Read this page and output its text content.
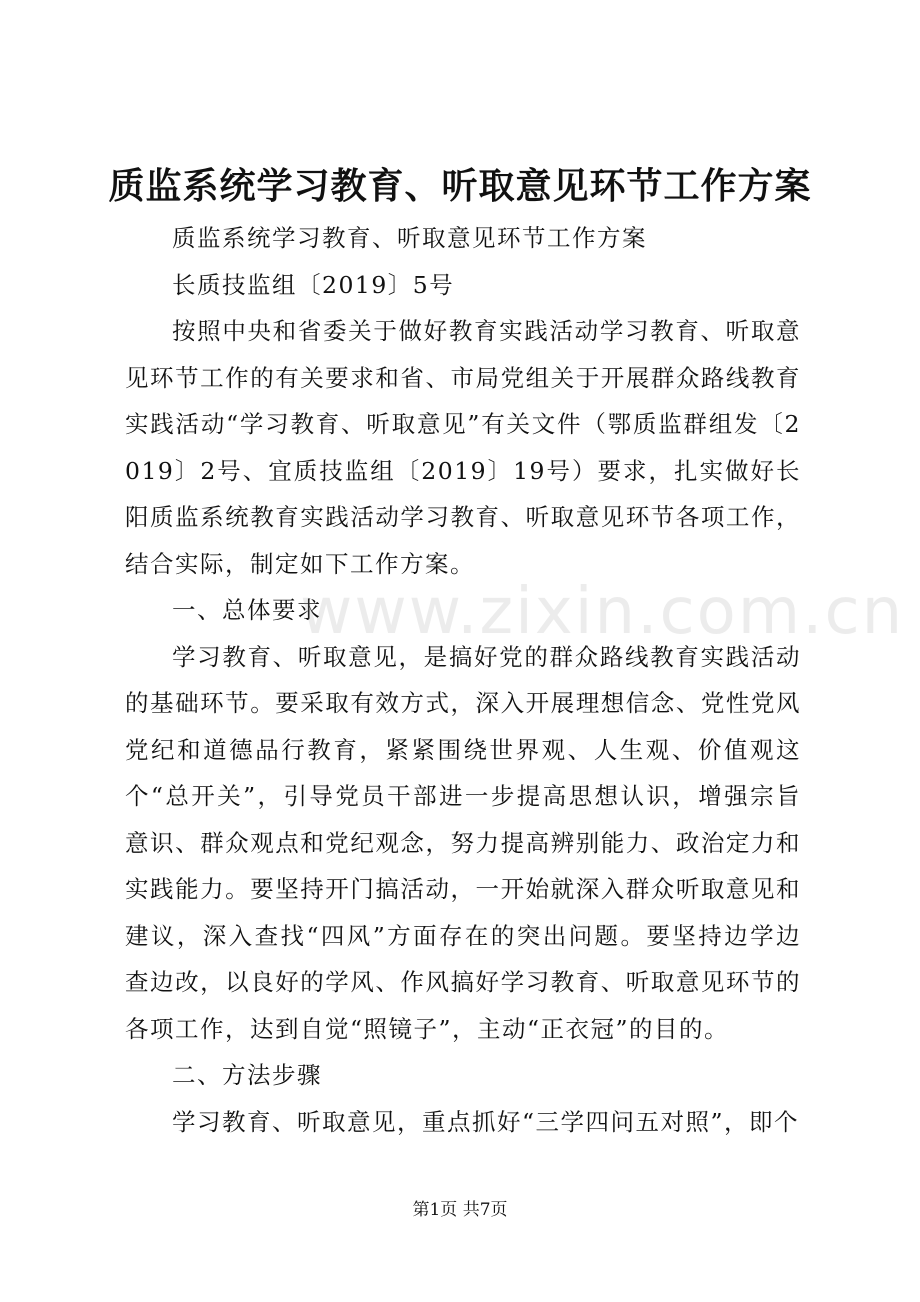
质监系统学习教育、听取意见环节工作方案

质监系统学习教育、听取意见环节工作方案

长质技监组〔2019〕5号

按照中央和省委关于做好教育实践活动学习教育、听取意见环节工作的有关要求和省、市局党组关于开展群众路线教育实践活动“学习教育、听取意见”有关文件（鄂质监群组发〔2019〕2号、宜质技监组〔2019〕19号）要求，扎实做好长阳质监系统教育实践活动学习教育、听取意见环节各项工作，结合实际，制定如下工作方案。

一、总体要求

学习教育、听取意见，是搞好党的群众路线教育实践活动的基础环节。要采取有效方式，深入开展理想信念、党性党风党纪和道德品行教育，紧紧围绕世界观、人生观、价值观这个“总开关”，引导党员干部进一步提高思想认识，增强宗旨意识、群众观点和党纪观念，努力提高辨别能力、政治定力和实践能力。要坚持开门搞活动，一开始就深入群众听取意见和建议，深入查找“四风”方面存在的突出问题。要坚持边学边查边改，以良好的学风、作风搞好学习教育、听取意见环节的各项工作，达到自觉“照镜子”，主动“正衣冠”的目的。

二、方法步骤

学习教育、听取意见，重点抓好“三学四问五对照”，即个

www.zixin.com.cn
第1页 共7页
